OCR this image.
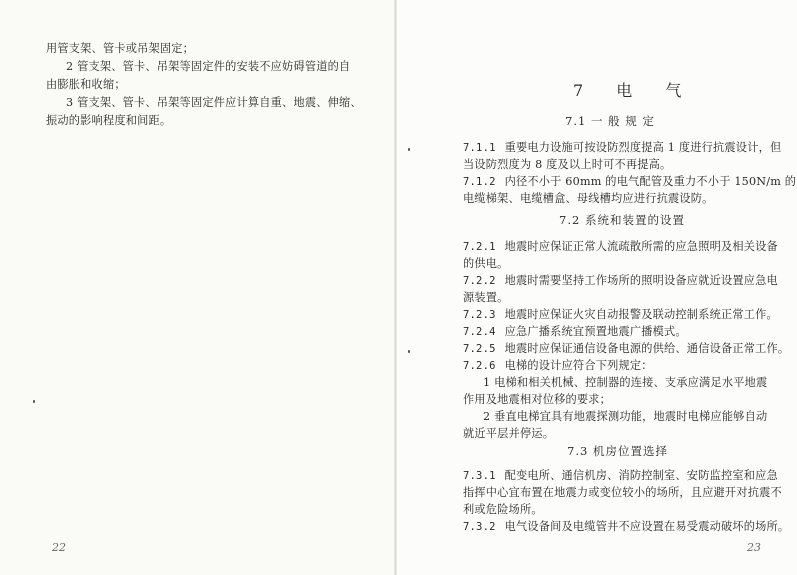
用管支架、管卡或吊架固定；
2 管支架、管卡、吊架等固定件的安装不应妨碍管道的自
由膨胀和收缩；
3 管支架、管卡、吊架等固定件应计算自重、地震、伸缩、
振动的影响程度和间距。
22
7 电 气
7.1 一 般 规 定
7.1.1 重要电力设施可按设防烈度提高 1 度进行抗震设计，但
当设防烈度为 8 度及以上时可不再提高。
7.1.2 内径不小于 60mm 的电气配管及重力不小于 150N/m 的
电缆梯架、电缆槽盒、母线槽均应进行抗震设防。
7.2 系统和装置的设置
7.2.1 地震时应保证正常人流疏散所需的应急照明及相关设备
的供电。
7.2.2 地震时需要坚持工作场所的照明设备应就近设置应急电
源装置。
7.2.3 地震时应保证火灾自动报警及联动控制系统正常工作。
7.2.4 应急广播系统宜预置地震广播模式。
7.2.5 地震时应保证通信设备电源的供给、通信设备正常工作。
7.2.6 电梯的设计应符合下列规定：
1 电梯和相关机械、控制器的连接、支承应满足水平地震
作用及地震相对位移的要求；
2 垂直电梯宜具有地震探测功能，地震时电梯应能够自动
就近平层并停运。
7.3 机房位置选择
7.3.1 配变电所、通信机房、消防控制室、安防监控室和应急
指挥中心宜布置在地震力或变位较小的场所，且应避开对抗震不
利或危险场所。
7.3.2 电气设备间及电缆管井不应设置在易受震动破坏的场所。
23
